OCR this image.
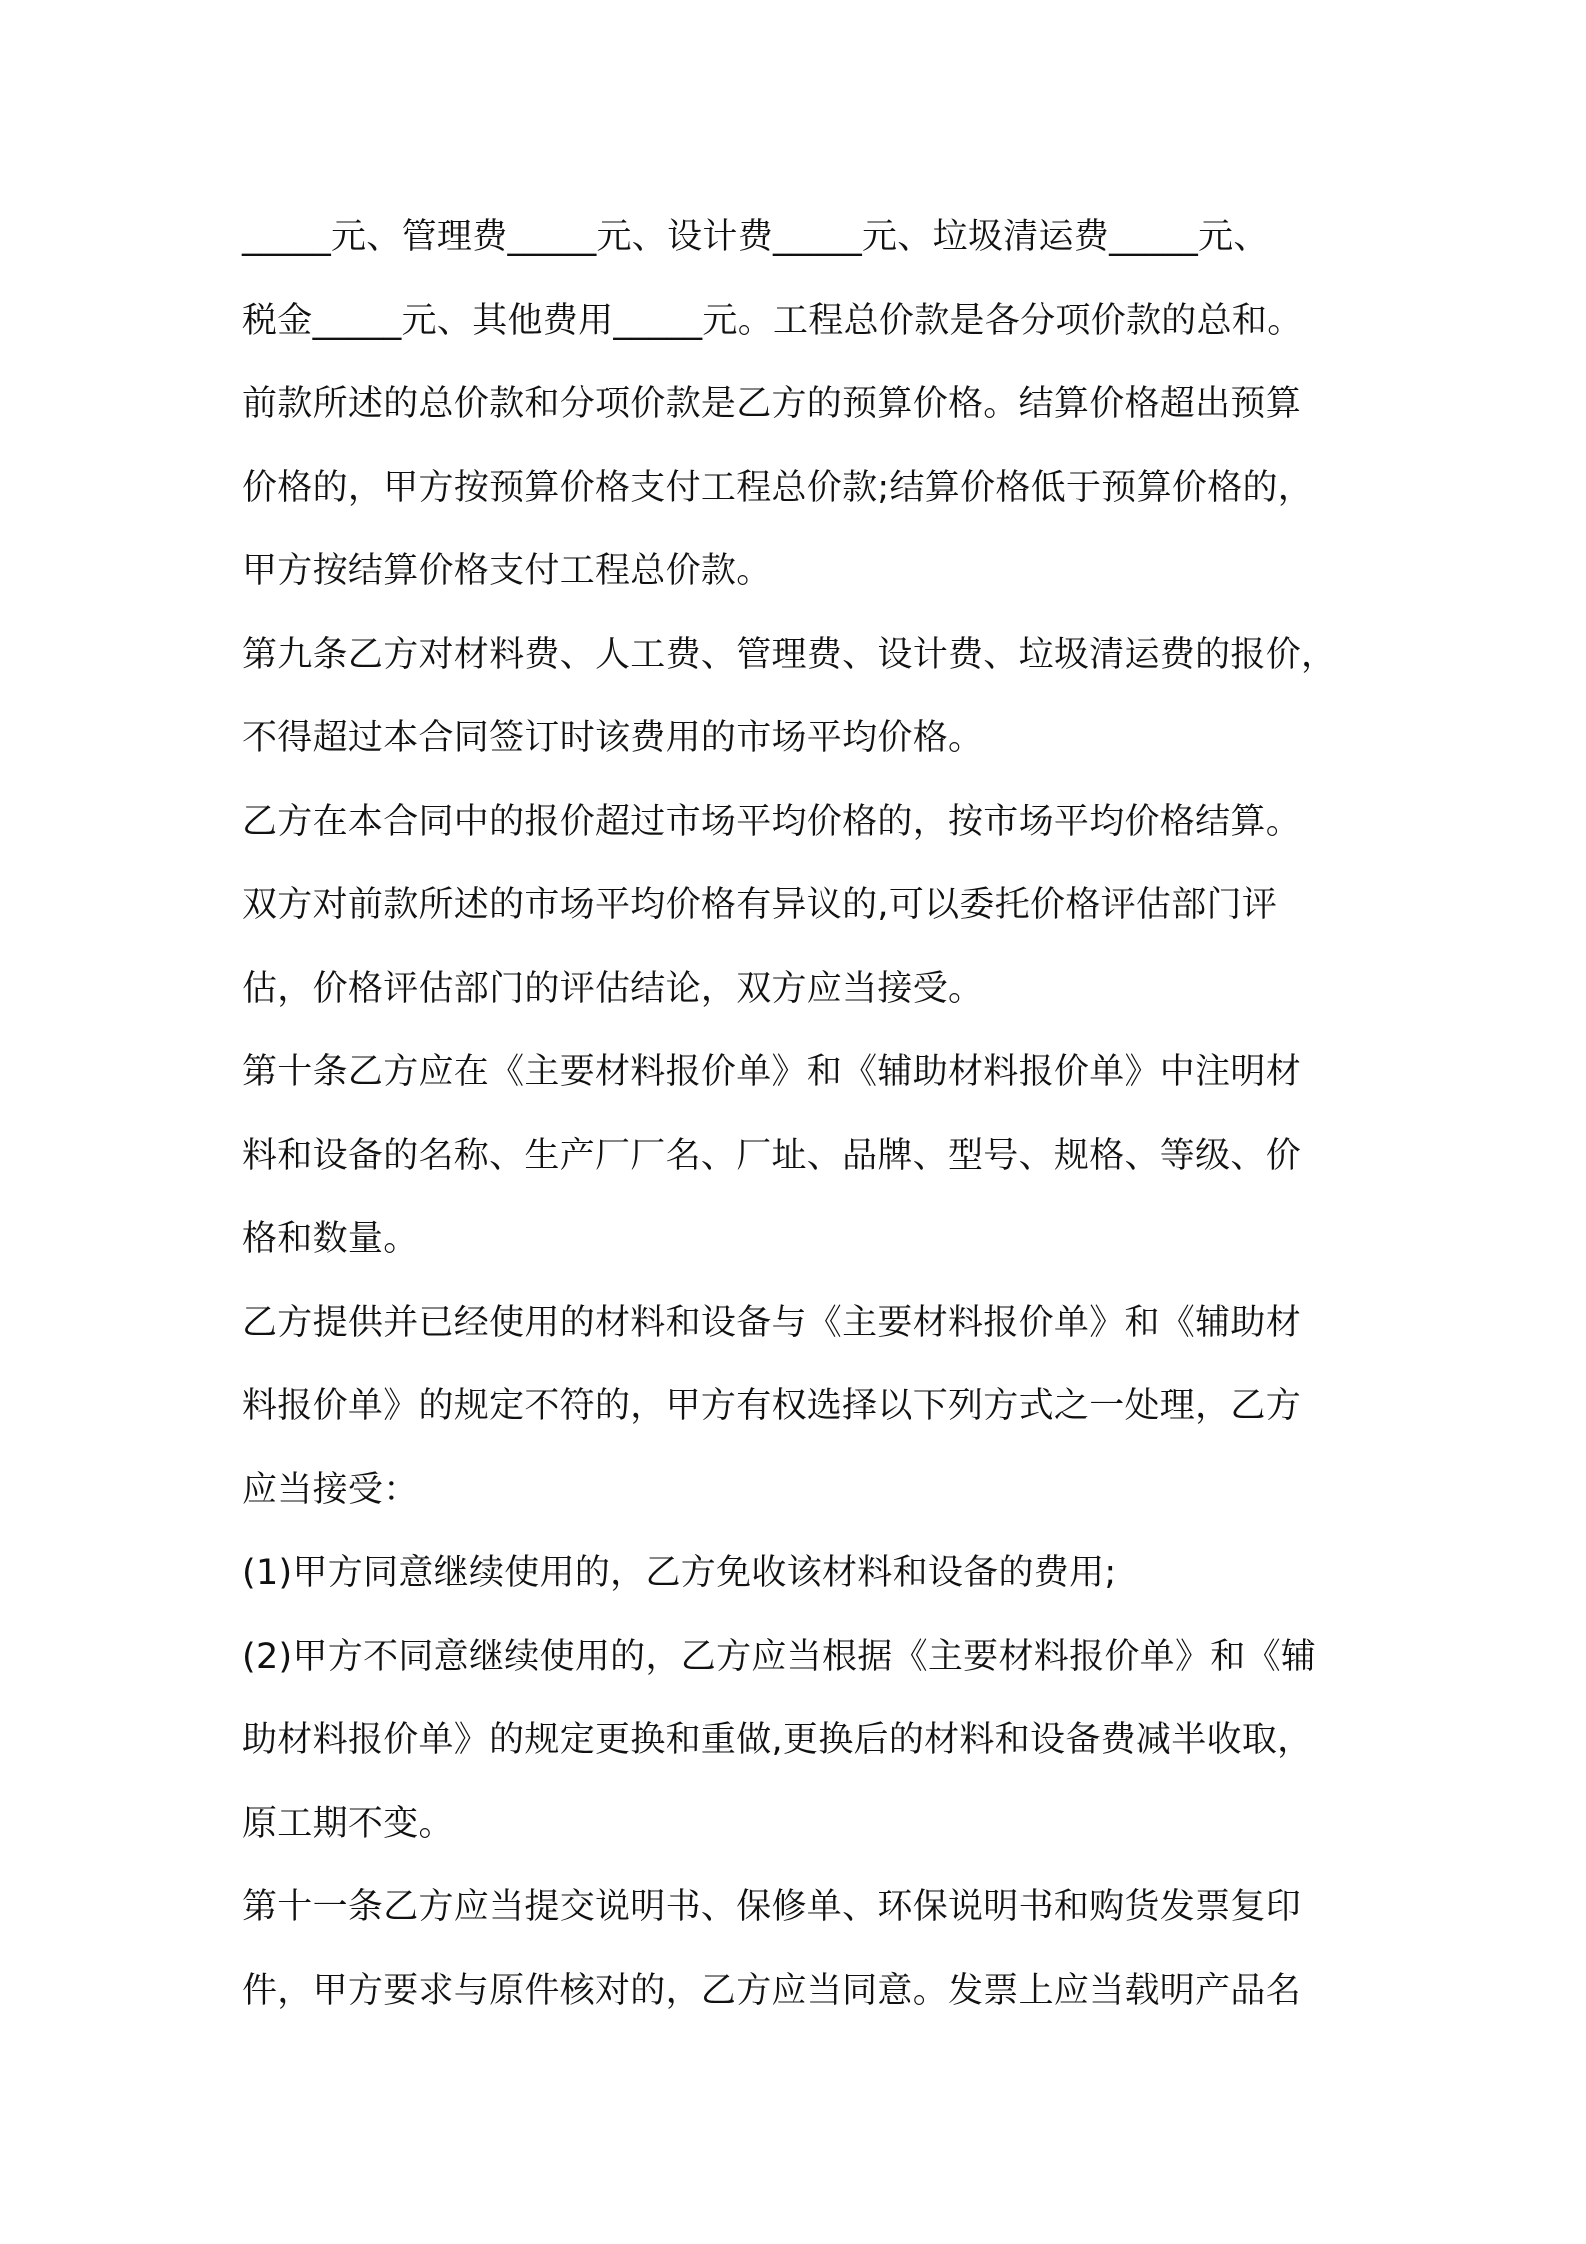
_____元、管理费_____元、设计费_____元、垃圾清运费_____元、
税金_____元、其他费用_____元。工程总价款是各分项价款的总和。
前款所述的总价款和分项价款是乙方的预算价格。结算价格超出预算
价格的，甲方按预算价格支付工程总价款;结算价格低于预算价格的，
甲方按结算价格支付工程总价款。
第九条乙方对材料费、人工费、管理费、设计费、垃圾清运费的报价，
不得超过本合同签订时该费用的市场平均价格。
乙方在本合同中的报价超过市场平均价格的，按市场平均价格结算。
双方对前款所述的市场平均价格有异议的,可以委托价格评估部门评
估，价格评估部门的评估结论，双方应当接受。
第十条乙方应在《主要材料报价单》和《辅助材料报价单》中注明材
料和设备的名称、生产厂厂名、厂址、品牌、型号、规格、等级、价
格和数量。
乙方提供并已经使用的材料和设备与《主要材料报价单》和《辅助材
料报价单》的规定不符的，甲方有权选择以下列方式之一处理，乙方
应当接受：
(1)甲方同意继续使用的，乙方免收该材料和设备的费用;
(2)甲方不同意继续使用的，乙方应当根据《主要材料报价单》和《辅
助材料报价单》的规定更换和重做,更换后的材料和设备费减半收取，
原工期不变。
第十一条乙方应当提交说明书、保修单、环保说明书和购货发票复印
件，甲方要求与原件核对的，乙方应当同意。发票上应当载明产品名
